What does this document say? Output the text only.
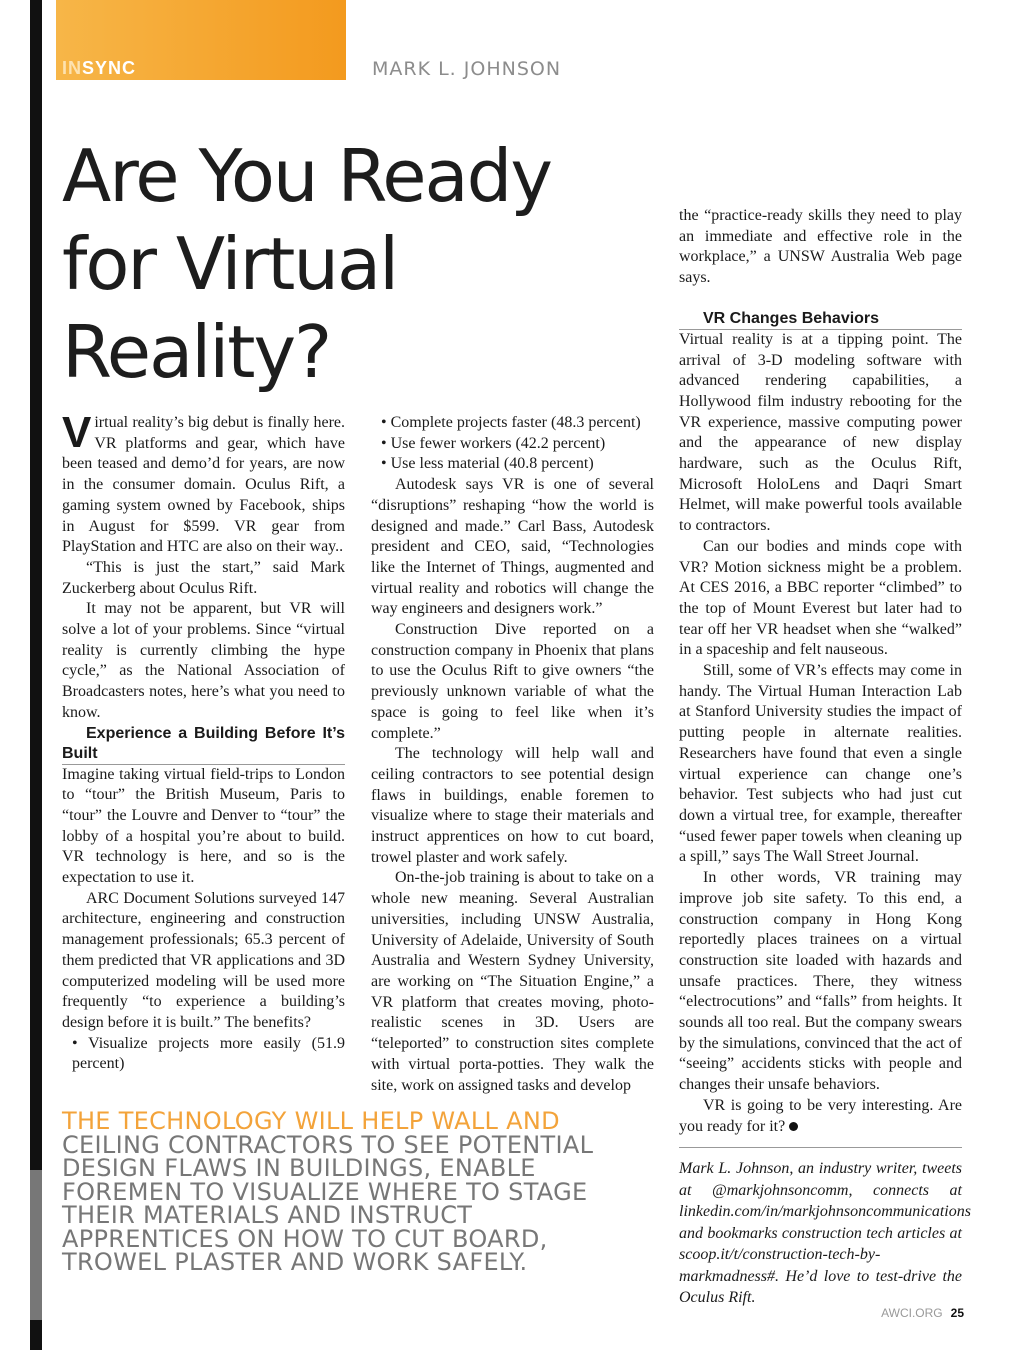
INSYNC	MARK L. JOHNSON
Are You Ready for Virtual Reality?

Virtual reality’s big debut is finally here. VR platforms and gear, which have been teased and demo’d for years, are now in the consumer domain. Oculus Rift, a gaming system owned by Facebook, ships in August for $599. VR gear from PlayStation and HTC are also on their way..

“This is just the start,” said Mark Zuckerberg about Oculus Rift.

It may not be apparent, but VR will solve a lot of your problems. Since “virtual reality is currently climbing the hype cycle,” as the National Association of Broadcasters notes, here’s what you need to know.

Experience a Building Before It’s Built

Imagine taking virtual field-trips to London to “tour” the British Museum, Paris to “tour” the Louvre and Denver to “tour” the lobby of a hospital you’re about to build. VR technology is here, and so is the expectation to use it.

ARC Document Solutions surveyed 147 architecture, engineering and construction management professionals; 65.3 percent of them predicted that VR applications and 3D computerized modeling will be used more frequently “to experience a building’s design before it is built.” The benefits?

• Visualize projects more easily (51.9 percent)

• Complete projects faster (48.3 percent)

• Use fewer workers (42.2 percent)

• Use less material (40.8 percent)

Autodesk says VR is one of several “disruptions” reshaping “how the world is designed and made.” Carl Bass, Autodesk president and CEO, said, “Technologies like the Internet of Things, augmented and virtual reality and robotics will change the way engineers and designers work.”

Construction Dive reported on a construction company in Phoenix that plans to use the Oculus Rift to give owners “the previously unknown variable of what the space is going to feel like when it’s complete.”

The technology will help wall and ceiling contractors to see potential design flaws in buildings, enable foremen to visualize where to stage their materials and instruct apprentices on how to cut board, trowel plaster and work safely.

On-the-job training is about to take on a whole new meaning. Several Australian universities, including UNSW Australia, University of Adelaide, University of South Australia and Western Sydney University, are working on “The Situation Engine,” a VR platform that creates moving, photo-realistic scenes in 3D. Users are “teleported” to construction sites complete with virtual porta-potties. They walk the site, work on assigned tasks and develop

the “practice-ready skills they need to play an immediate and effective role in the workplace,” a UNSW Australia Web page says.

VR Changes Behaviors

Virtual reality is at a tipping point. The arrival of 3-D modeling software with advanced rendering capabilities, a Hollywood film industry rebooting for the VR experience, massive computing power and the appearance of new display hardware, such as the Oculus Rift, Microsoft HoloLens and Daqri Smart Helmet, will make powerful tools available to contractors.

Can our bodies and minds cope with VR? Motion sickness might be a problem. At CES 2016, a BBC reporter “climbed” to the top of Mount Everest but later had to tear off her VR headset when she “walked” in a spaceship and felt nauseous.

Still, some of VR’s effects may come in handy. The Virtual Human Interaction Lab at Stanford University studies the impact of putting people in alternate realities. Researchers have found that even a single virtual experience can change one’s behavior. Test subjects who had just cut down a virtual tree, for example, thereafter “used fewer paper towels when cleaning up a spill,” says The Wall Street Journal.

In other words, VR training may improve job site safety. To this end, a construction company in Hong Kong reportedly places trainees on a virtual construction site loaded with hazards and unsafe practices. There, they witness “electrocutions” and “falls” from heights. It sounds all too real. But the company swears by the simulations, convinced that the act of “seeing” accidents sticks with people and changes their unsafe behaviors.

VR is going to be very interesting. Are you ready for it?

THE TECHNOLOGY WILL HELP WALL AND CEILING CONTRACTORS TO SEE POTENTIAL DESIGN FLAWS IN BUILDINGS, ENABLE FOREMEN TO VISUALIZE WHERE TO STAGE THEIR MATERIALS AND INSTRUCT APPRENTICES ON HOW TO CUT BOARD, TROWEL PLASTER AND WORK SAFELY.

Mark L. Johnson, an industry writer, tweets at @markjohnsoncomm, connects at linkedin.com/in/markjohnsoncommunications and bookmarks construction tech articles at scoop.it/t/construction-tech-by-markmadness#. He’d love to test-drive the Oculus Rift.
AWCI.ORG 25
